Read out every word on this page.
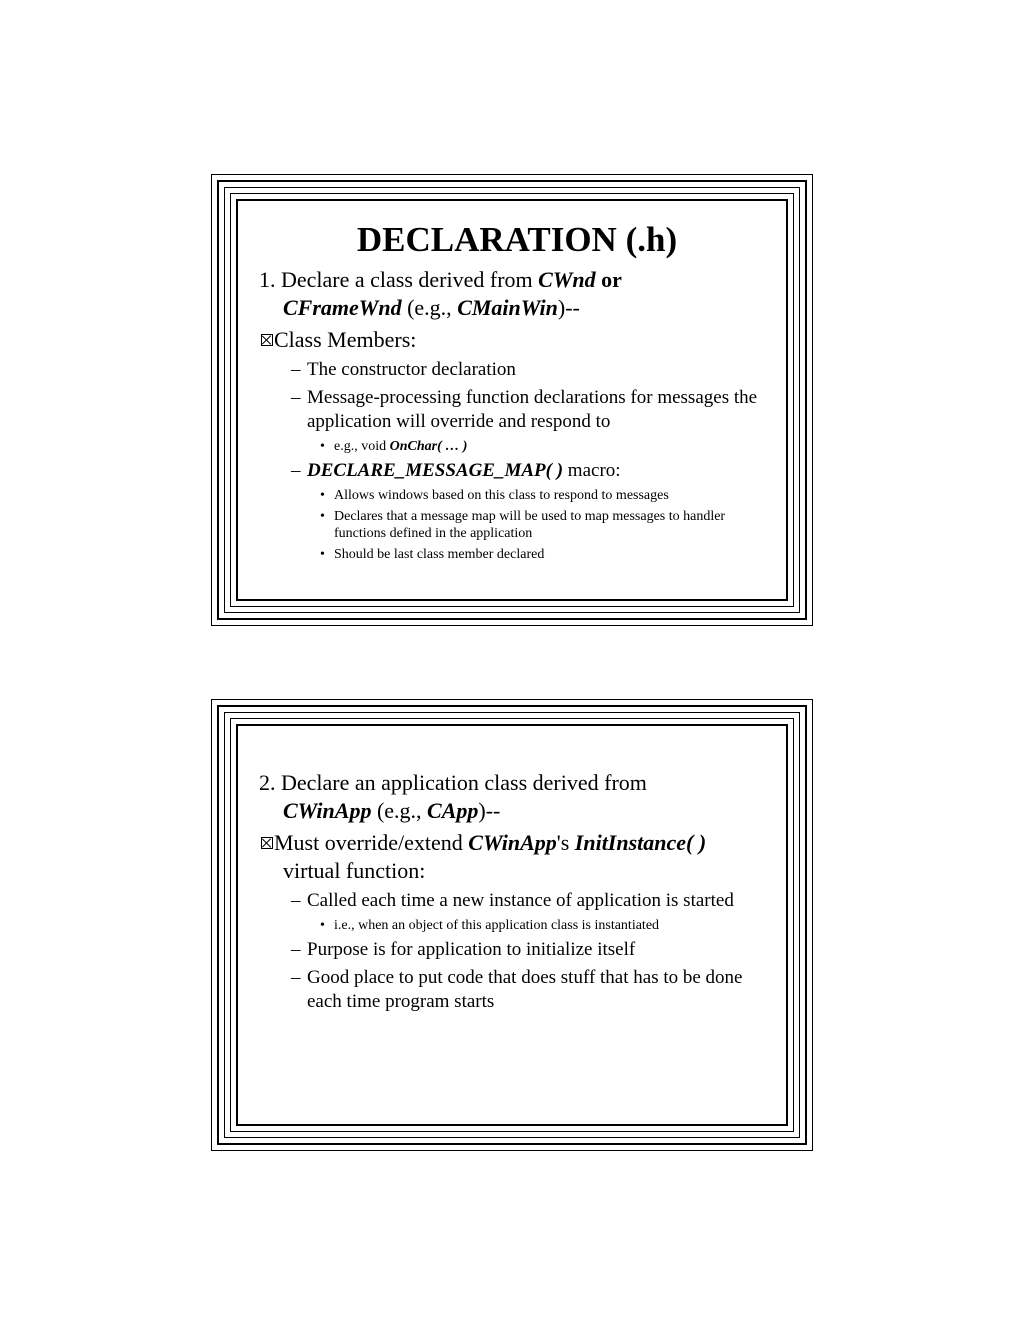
DECLARATION (.h)
1. Declare a class derived from CWnd or
CFrameWnd (e.g., CMainWin)--
Class Members:
– The constructor declaration
– Message-processing function declarations for messages the application will override and respond to
• e.g., void OnChar( … )
– DECLARE_MESSAGE_MAP( ) macro:
• Allows windows based on this class to respond to messages
• Declares that a message map will be used to map messages to handler functions defined in the application
• Should be last class member declared
2. Declare an application class derived from
CWinApp (e.g., CApp)--
Must override/extend CWinApp's InitInstance( )
virtual function:
– Called each time a new instance of application is started
• i.e., when an object of this application class is instantiated
– Purpose is for application to initialize itself
– Good place to put code that does stuff that has to be done each time program starts
